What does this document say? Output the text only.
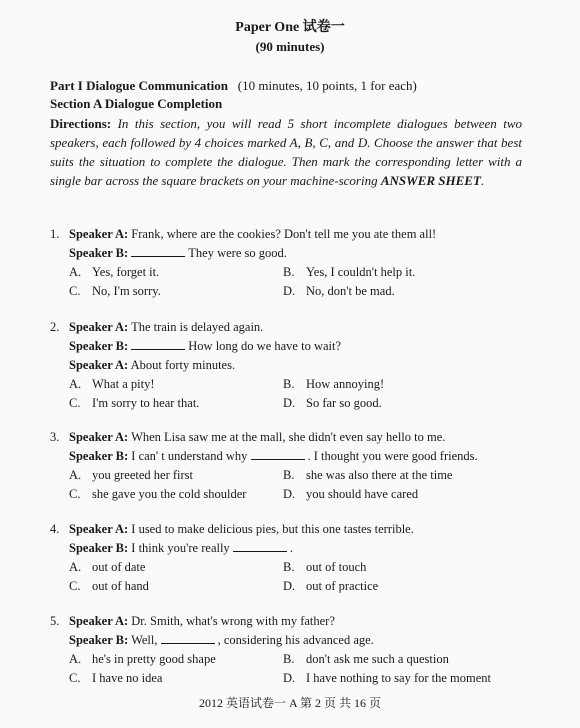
Paper One 试卷一
(90 minutes)
Part I Dialogue Communication (10 minutes, 10 points, 1 for each)
Section A Dialogue Completion
Directions: In this section, you will read 5 short incomplete dialogues between two speakers, each followed by 4 choices marked A, B, C, and D. Choose the answer that best suits the situation to complete the dialogue. Then mark the corresponding letter with a single bar across the square brackets on your machine-scoring ANSWER SHEET.
1. Speaker A: Frank, where are the cookies? Don't tell me you ate them all!
Speaker B:	They were so good.
A. Yes, forget it.	B. Yes, I couldn't help it.
C. No, I'm sorry.	D. No, don't be mad.
2. Speaker A: The train is delayed again.
Speaker B:	How long do we have to wait?
Speaker A: About forty minutes.
A. What a pity!	B. How annoying!
C. I'm sorry to hear that.	D. So far so good.
3. Speaker A: When Lisa saw me at the mall, she didn't even say hello to me.
Speaker B: I can' t understand why	. I thought you were good friends.
A. you greeted her first	B. she was also there at the time
C. she gave you the cold shoulder	D. you should have cared
4. Speaker A: I used to make delicious pies, but this one tastes terrible.
Speaker B: I think you're really	.
A. out of date	B. out of touch
C. out of hand	D. out of practice
5. Speaker A: Dr. Smith, what's wrong with my father?
Speaker B: Well,	, considering his advanced age.
A. he's in pretty good shape	B. don't ask me such a question
C. I have no idea	D. I have nothing to say for the moment
2012 英语试卷一 A 第 2 页 共 16 页
